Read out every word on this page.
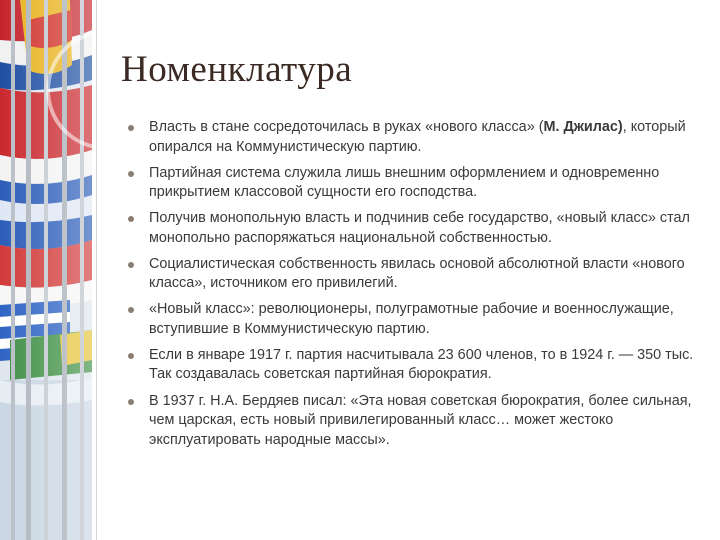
Номенклатура
Власть в стане сосредоточилась в руках «нового класса» (М. Джилас), который опирался на Коммунистическую партию.
Партийная система служила лишь внешним оформлением и одновременно прикрытием классовой сущности его господства.
Получив монопольную власть и подчинив себе государство, «новый класс» стал монопольно распоряжаться национальной собственностью.
Социалистическая собственность явилась основой абсолютной власти «нового класса», источником его привилегий.
«Новый класс»: революционеры, полуграмотные рабочие и военнослужащие, вступившие в Коммунистическую партию.
Если в январе 1917 г. партия насчитывала 23 600 членов, то в 1924 г. — 350 тыс. Так создавалась советская партийная бюрократия.
В 1937 г. Н.А. Бердяев писал: «Эта новая советская бюрократия, более сильная, чем царская, есть новый привилегированный класс… может жестоко эксплуатировать народные массы».
